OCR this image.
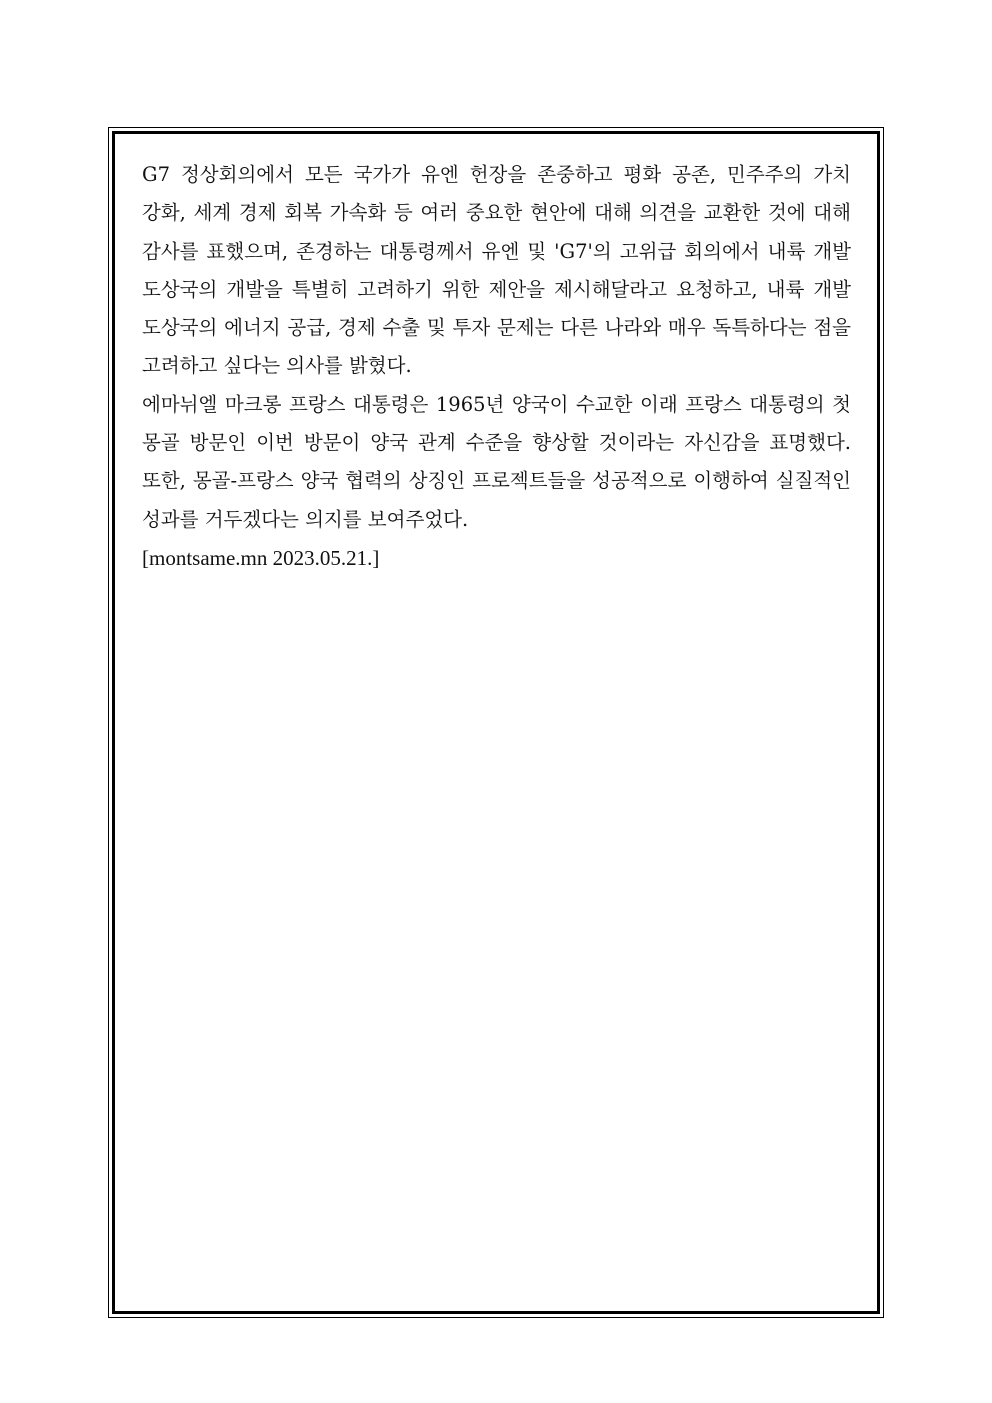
G7 정상회의에서 모든 국가가 유엔 헌장을 존중하고 평화 공존, 민주주의 가치 강화, 세계 경제 회복 가속화 등 여러 중요한 현안에 대해 의견을 교환한 것에 대해 감사를 표했으며, 존경하는 대통령께서 유엔 및 'G7'의 고위급 회의에서 내륙 개발 도상국의 개발을 특별히 고려하기 위한 제안을 제시해달라고 요청하고, 내륙 개발 도상국의 에너지 공급, 경제 수출 및 투자 문제는 다른 나라와 매우 독특하다는 점을 고려하고 싶다는 의사를 밝혔다.

에마뉘엘 마크롱 프랑스 대통령은 1965년 양국이 수교한 이래 프랑스 대통령의 첫 몽골 방문인 이번 방문이 양국 관계 수준을 향상할 것이라는 자신감을 표명했다. 또한, 몽골-프랑스 양국 협력의 상징인 프로젝트들을 성공적으로 이행하여 실질적인 성과를 거두겠다는 의지를 보여주었다.

[montsame.mn 2023.05.21.]
